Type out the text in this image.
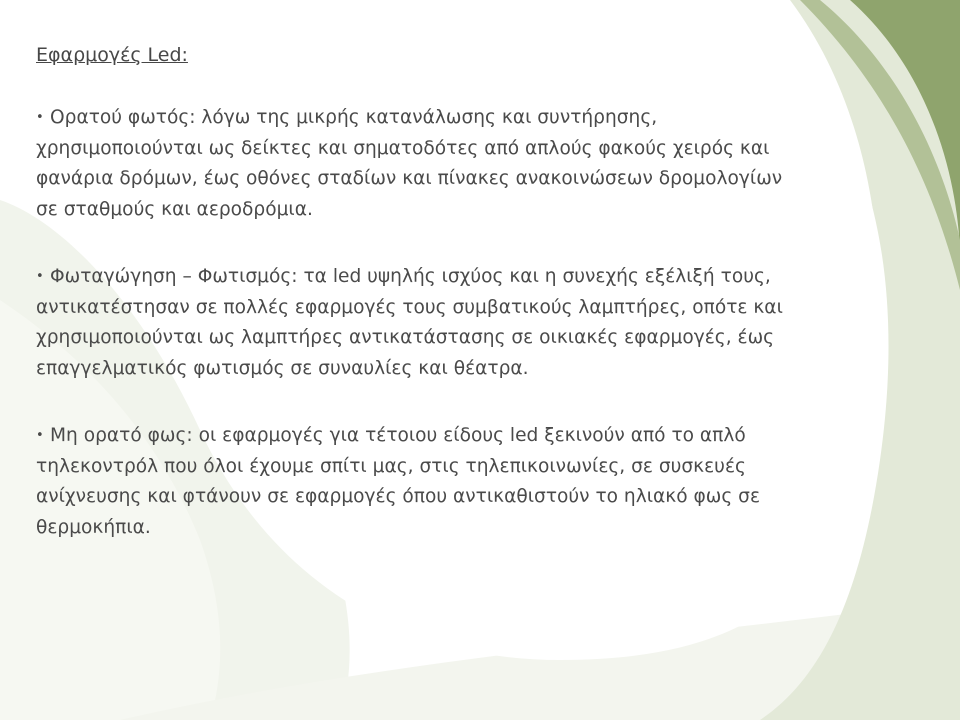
Εφαρμογές Led:
• Ορατού φωτός: λόγω της μικρής κατανάλωσης και συντήρησης,
χρησιμοποιούνται ως δείκτες και σηματοδότες από απλούς φακούς χειρός και
φανάρια δρόμων, έως οθόνες σταδίων και πίνακες ανακοινώσεων δρομολογίων
σε σταθμούς και αεροδρόμια.
• Φωταγώγηση – Φωτισμός: τα led υψηλής ισχύος και η συνεχής εξέλιξή τους,
αντικατέστησαν σε πολλές εφαρμογές τους συμβατικούς λαμπτήρες, οπότε και
χρησιμοποιούνται ως λαμπτήρες αντικατάστασης σε οικιακές εφαρμογές, έως
επαγγελματικός φωτισμός σε συναυλίες και θέατρα.
• Μη ορατό φως: οι εφαρμογές για τέτοιου είδους led ξεκινούν από το απλό
τηλεκοντρόλ που όλοι έχουμε σπίτι μας, στις τηλεπικοινωνίες, σε συσκευές
ανίχνευσης και φτάνουν σε εφαρμογές όπου αντικαθιστούν το ηλιακό φως σε
θερμοκήπια.
